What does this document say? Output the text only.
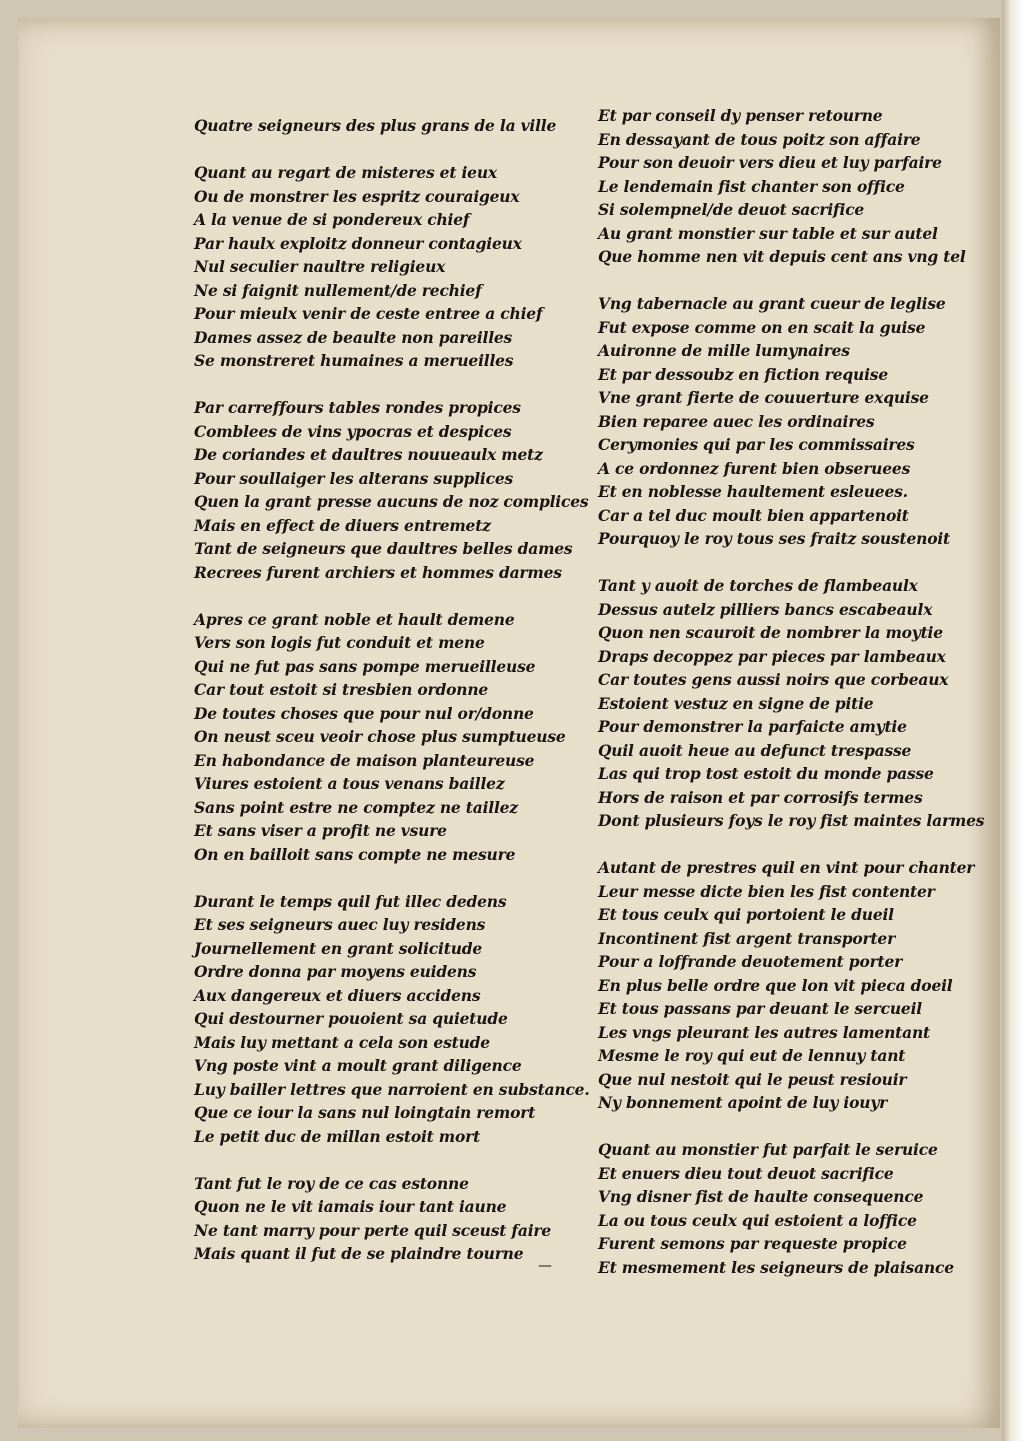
Quatre seigneurs des plus grans de la ville
Quant au regart de misteres et ieux
Ou de monstrer les espritz couraigeux
A la venue de si pondereux chief
Par haulx exploitz donneur contagieux
Nul seculier naultre religieux
Ne si faignit nullement/de rechief
Pour mieulx venir de ceste entree a chief
Dames assez de beaulte non pareilles
Se monstreret humaines a merueilles
Par carreffours tables rondes propices
Comblees de vins ypocras et despices
De coriandes et daultres nouueaulx metz
Pour soullaiger les alterans supplices
Quen la grant presse aucuns de noz complices
Mais en effect de diuers entremetz
Tant de seigneurs que daultres belles dames
Recrees furent archiers et hommes darmes
Apres ce grant noble et hault demene
Vers son logis fut conduit et mene
Qui ne fut pas sans pompe merueilleuse
Car tout estoit si tresbien ordonne
De toutes choses que pour nul or/donne
On neust sceu veoir chose plus sumptueuse
En habondance de maison planteureuse
Viures estoient a tous venans baillez
Sans point estre ne comptez ne taillez
Et sans viser a profit ne vsure
On en bailloit sans compte ne mesure
Durant le temps quil fut illec dedens
Et ses seigneurs auec luy residens
Journellement en grant solicitude
Ordre donna par moyens euidens
Aux dangereux et diuers accidens
Qui destourner pouoient sa quietude
Mais luy mettant a cela son estude
Vng poste vint a moult grant diligence
Luy bailler lettres que narroient en substance.
Que ce iour la sans nul loingtain remort
Le petit duc de millan estoit mort
Tant fut le roy de ce cas estonne
Quon ne le vit iamais iour tant iaune
Ne tant marry pour perte quil sceust faire
Mais quant il fut de se plaindre tourne
Et par conseil dy penser retourne
En dessayant de tous poitz son affaire
Pour son deuoir vers dieu et luy parfaire
Le lendemain fist chanter son office
Si solempnel/de deuot sacrifice
Au grant monstier sur table et sur autel
Que homme nen vit depuis cent ans vng tel
Vng tabernacle au grant cueur de leglise
Fut expose comme on en scait la guise
Auironne de mille lumynaires
Et par dessoubz en fiction requise
Vne grant fierte de couuerture exquise
Bien reparee auec les ordinaires
Cerymonies qui par les commissaires
A ce ordonnez furent bien obseruees
Et en noblesse haultement esleuees.
Car a tel duc moult bien appartenoit
Pourquoy le roy tous ses fraitz soustenoit
Tant y auoit de torches de flambeaulx
Dessus autelz pilliers bancs escabeaulx
Quon nen scauroit de nombrer la moytie
Draps decoppez par pieces par lambeaux
Car toutes gens aussi noirs que corbeaux
Estoient vestuz en signe de pitie
Pour demonstrer la parfaicte amytie
Quil auoit heue au defunct trespasse
Las qui trop tost estoit du monde passe
Hors de raison et par corrosifs termes
Dont plusieurs foys le roy fist maintes larmes
Autant de prestres quil en vint pour chanter
Leur messe dicte bien les fist contenter
Et tous ceulx qui portoient le dueil
Incontinent fist argent transporter
Pour a loffrande deuotement porter
En plus belle ordre que lon vit pieca doeil
Et tous passans par deuant le sercueil
Les vngs pleurant les autres lamentant
Mesme le roy qui eut de lennuy tant
Que nul nestoit qui le peust resiouir
Ny bonnement apoint de luy iouyr
Quant au monstier fut parfait le seruice
Et enuers dieu tout deuot sacrifice
Vng disner fist de haulte consequence
La ou tous ceulx qui estoient a loffice
Furent semons par requeste propice
Et mesmement les seigneurs de plaisance
—
